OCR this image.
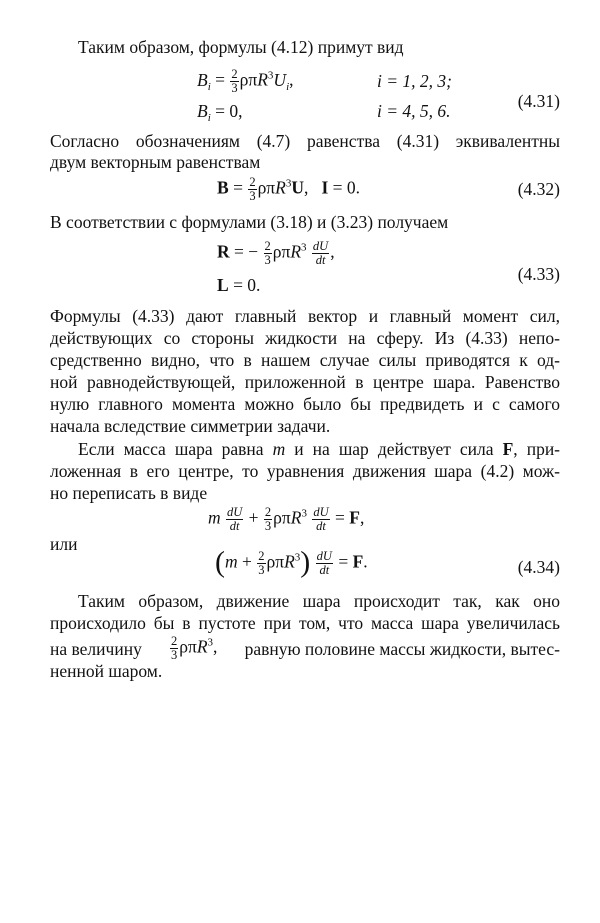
Таким образом, формулы (4.12) примут вид
$B_i = \frac{2}{3} \rho\pi R^3U_i$,	i = 1, 2, 3;
$B_i = 0$,	i = 4, 5, 6.	(4.31)
Согласно обозначениям (4.7) равенства (4.31) эквивалентны
двум векторным равенствам
$B = \frac{2}{3} \rho\pi R^3U$,   I = 0.	(4.32)
В соответствии с формулами (3.18) и (3.23) получаем
R = − $\frac{2}{3} \rho\pi R^3 \frac{dU}{dt}$ ,
L = 0.
(4.33)
Формулы (4.33) дают главный вектор и главный момент сил,
действующих со стороны жидкости на сферу. Из (4.33) непо-
средственно видно, что в нашем случае силы приводятся к од-
ной равнодействующей, приложенной в центре шара. Равенство
нулю главного момента можно было бы предвидеть и с самого
начала вследствие симметрии задачи.
Если масса шара равна m и на шар действует сила F, при-
ложенная в его центре, то уравнения движения шара (4.2) мож-
но переписать в виде
m $\frac{dU}{dt} + \frac{2}{3} \rho\pi R^3 \frac{dU}{dt} = F$,
или
$(m + \frac{2}{3} \rho\pi R^3) \frac{dU}{dt} = F$.	(4.34)
Таким образом, движение шара происходит так, как оно
происходило бы в пустоте при том, что масса шара увеличилась
на величину $\frac{2}{3} \rho\pi R^3$, равную половине массы жидкости, вытес-
ненной шаром.
